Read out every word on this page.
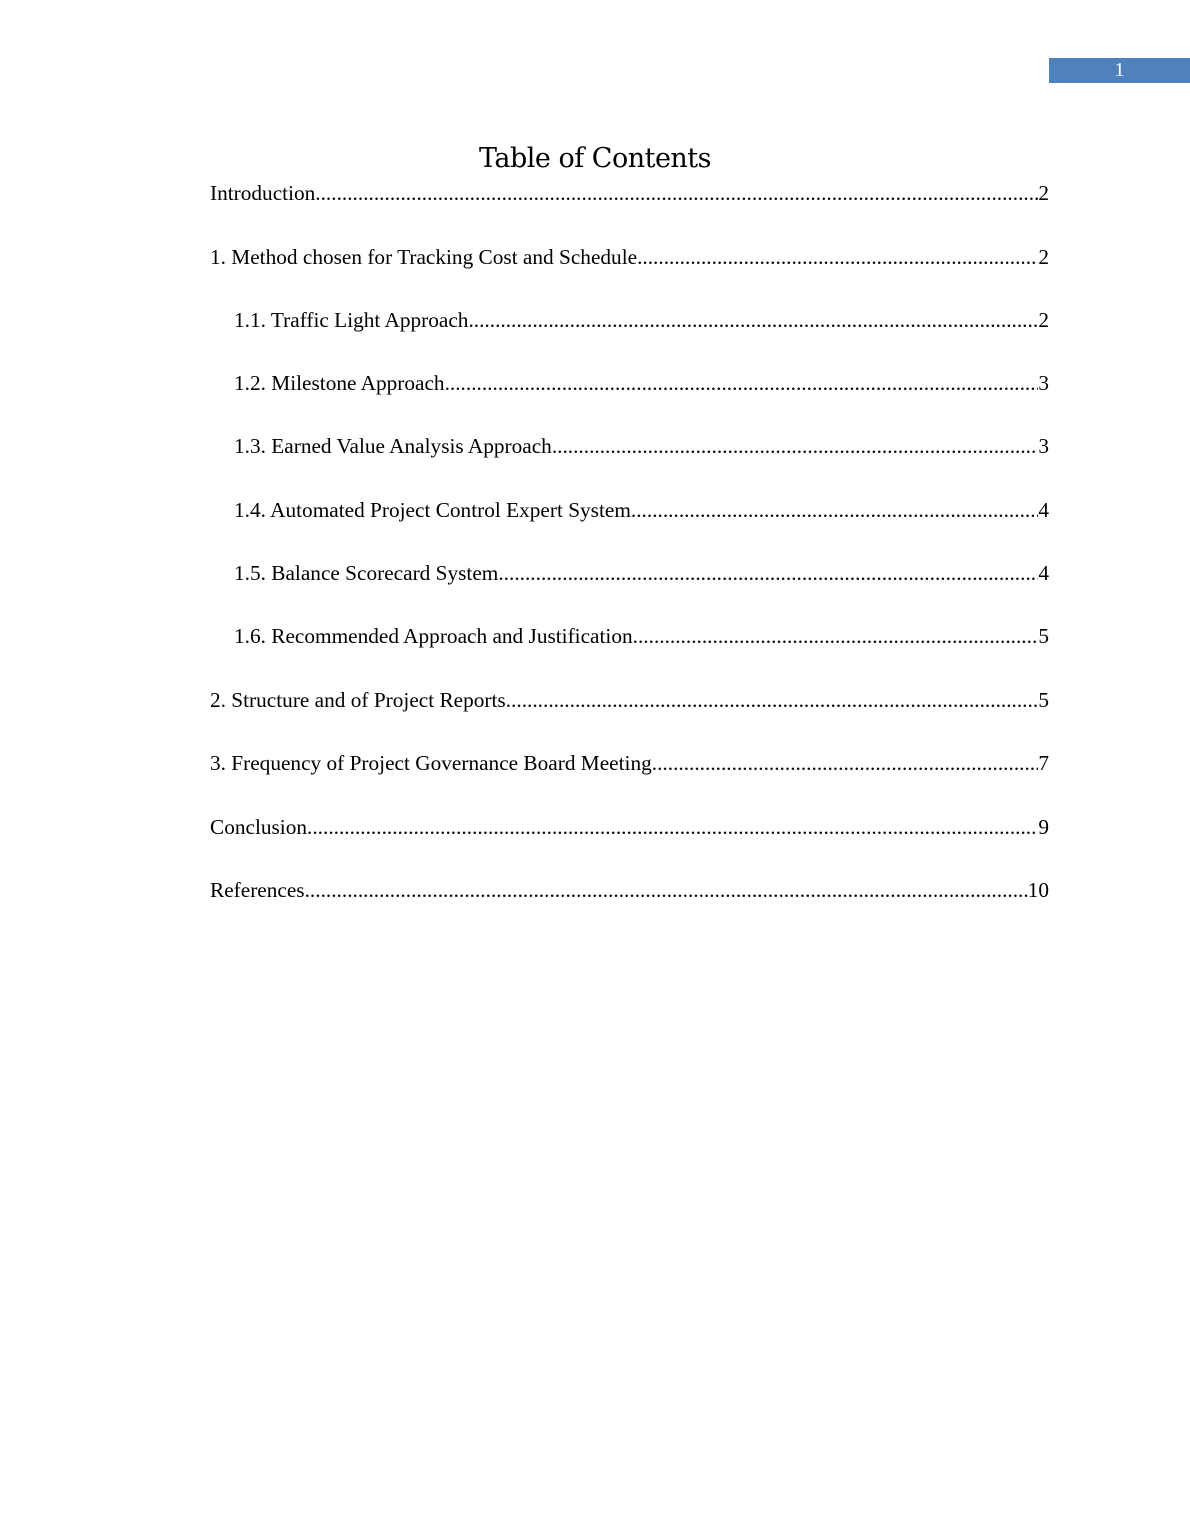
1
Table of Contents
Introduction .....	2
1. Method chosen for Tracking Cost and Schedule .....	2
1.1. Traffic Light Approach .....	2
1.2. Milestone Approach .....	3
1.3. Earned Value Analysis Approach .....	3
1.4. Automated Project Control Expert System .....	4
1.5. Balance Scorecard System .....	4
1.6. Recommended Approach and Justification .....	5
2. Structure and of Project Reports .....	5
3. Frequency of Project Governance Board Meeting .....	7
Conclusion .....	9
References .....	10
